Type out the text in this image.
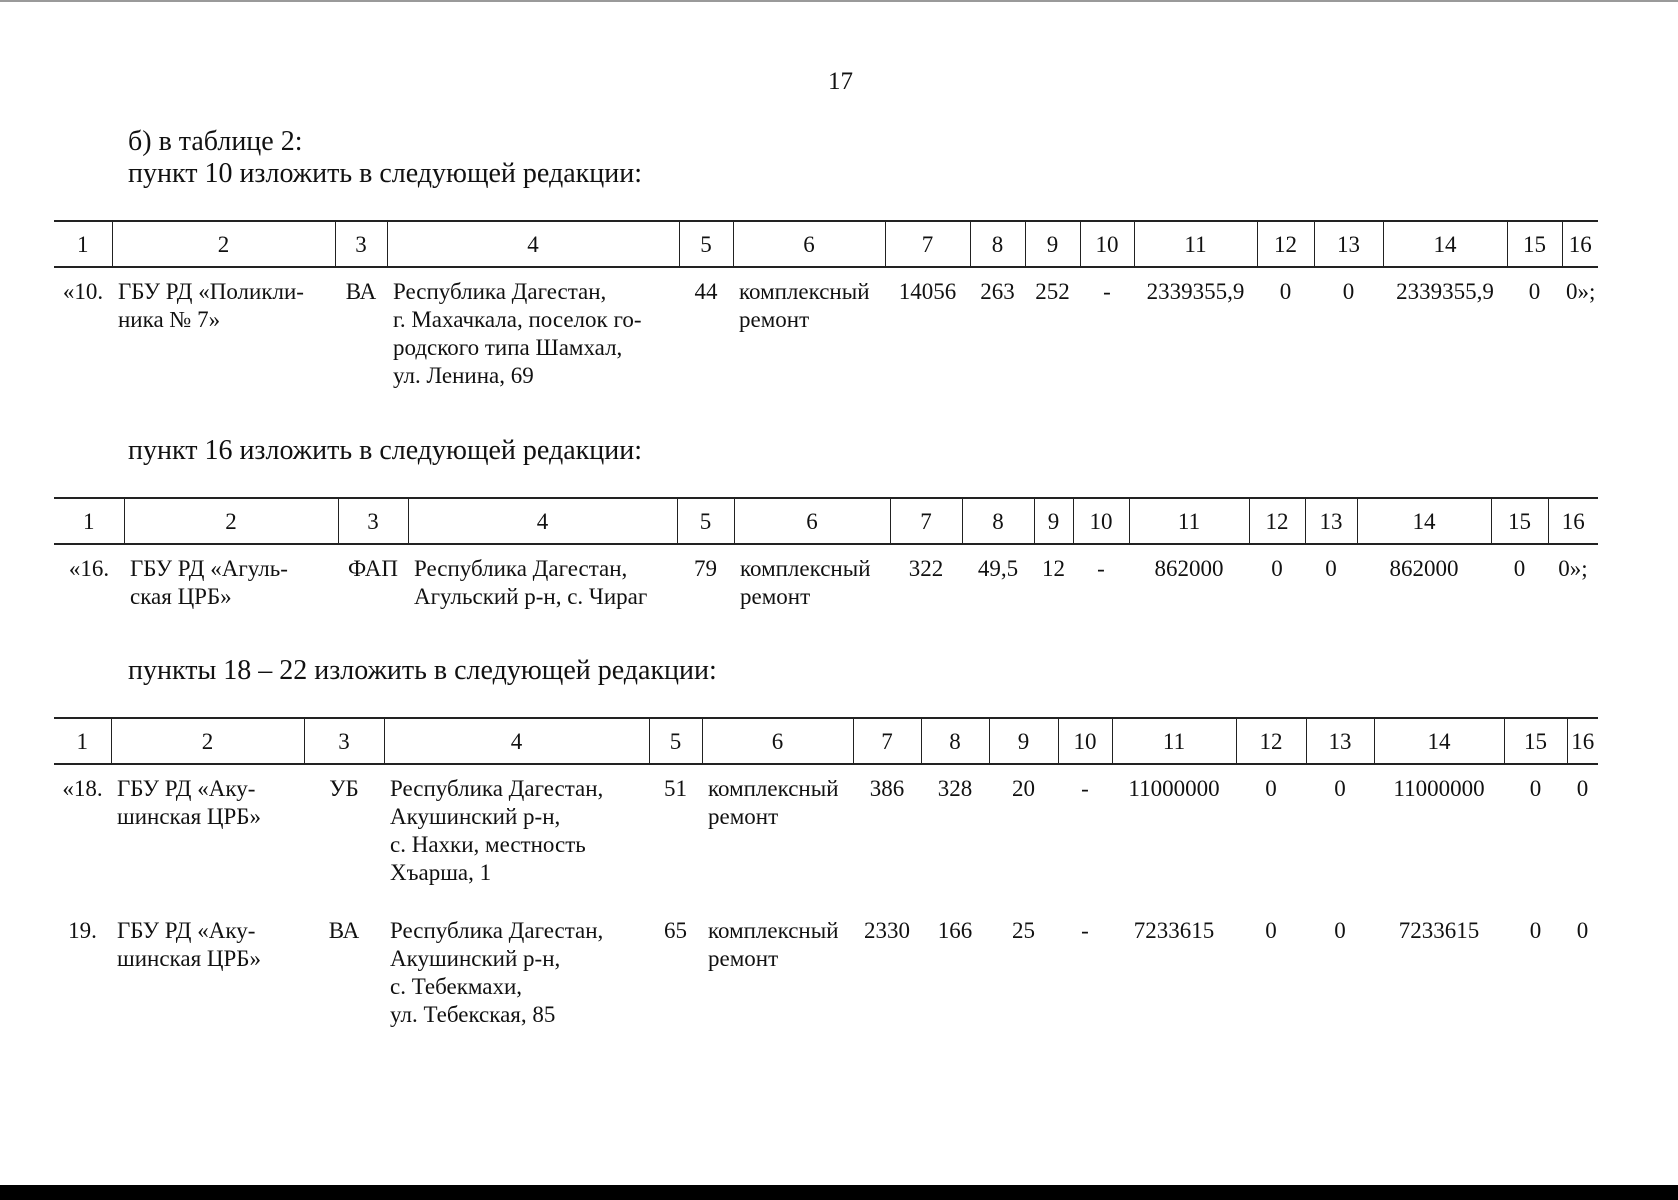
17
б) в таблице 2:
пункт 10 изложить в следующей редакции:
1	2	3	4	5	6	7	8	9	10	11	12	13	14	15	16
«10.	ГБУ РД «Поликли-
ника № 7»	ВА	Республика Дагестан,
г. Махачкала, поселок го-
родского типа Шамхал,
ул. Ленина, 69	44	комплексный
ремонт	14056	263	252	-	2339355,9	0	0	2339355,9	0	0»;
пункт 16 изложить в следующей редакции:
1	2	3	4	5	6	7	8	9	10	11	12	13	14	15	16
«16.	ГБУ РД «Агуль-
ская ЦРБ»	ФАП	Республика Дагестан,
Агульский р-н, с. Чираг	79	комплексный
ремонт	322	49,5	12	-	862000	0	0	862000	0	0»;
пункты 18 – 22 изложить в следующей редакции:
1	2	3	4	5	6	7	8	9	10	11	12	13	14	15	16
«18.	ГБУ РД «Аку-
шинская ЦРБ»	УБ	Республика Дагестан,
Акушинский р-н,
с. Нахки, местность
Хъарша, 1	51	комплексный
ремонт	386	328	20	-	11000000	0	0	11000000	0	0
19.	ГБУ РД «Аку-
шинская ЦРБ»	ВА	Республика Дагестан,
Акушинский р-н,
с. Тебекмахи,
ул. Тебекская, 85	65	комплексный
ремонт	2330	166	25	-	7233615	0	0	7233615	0	0
